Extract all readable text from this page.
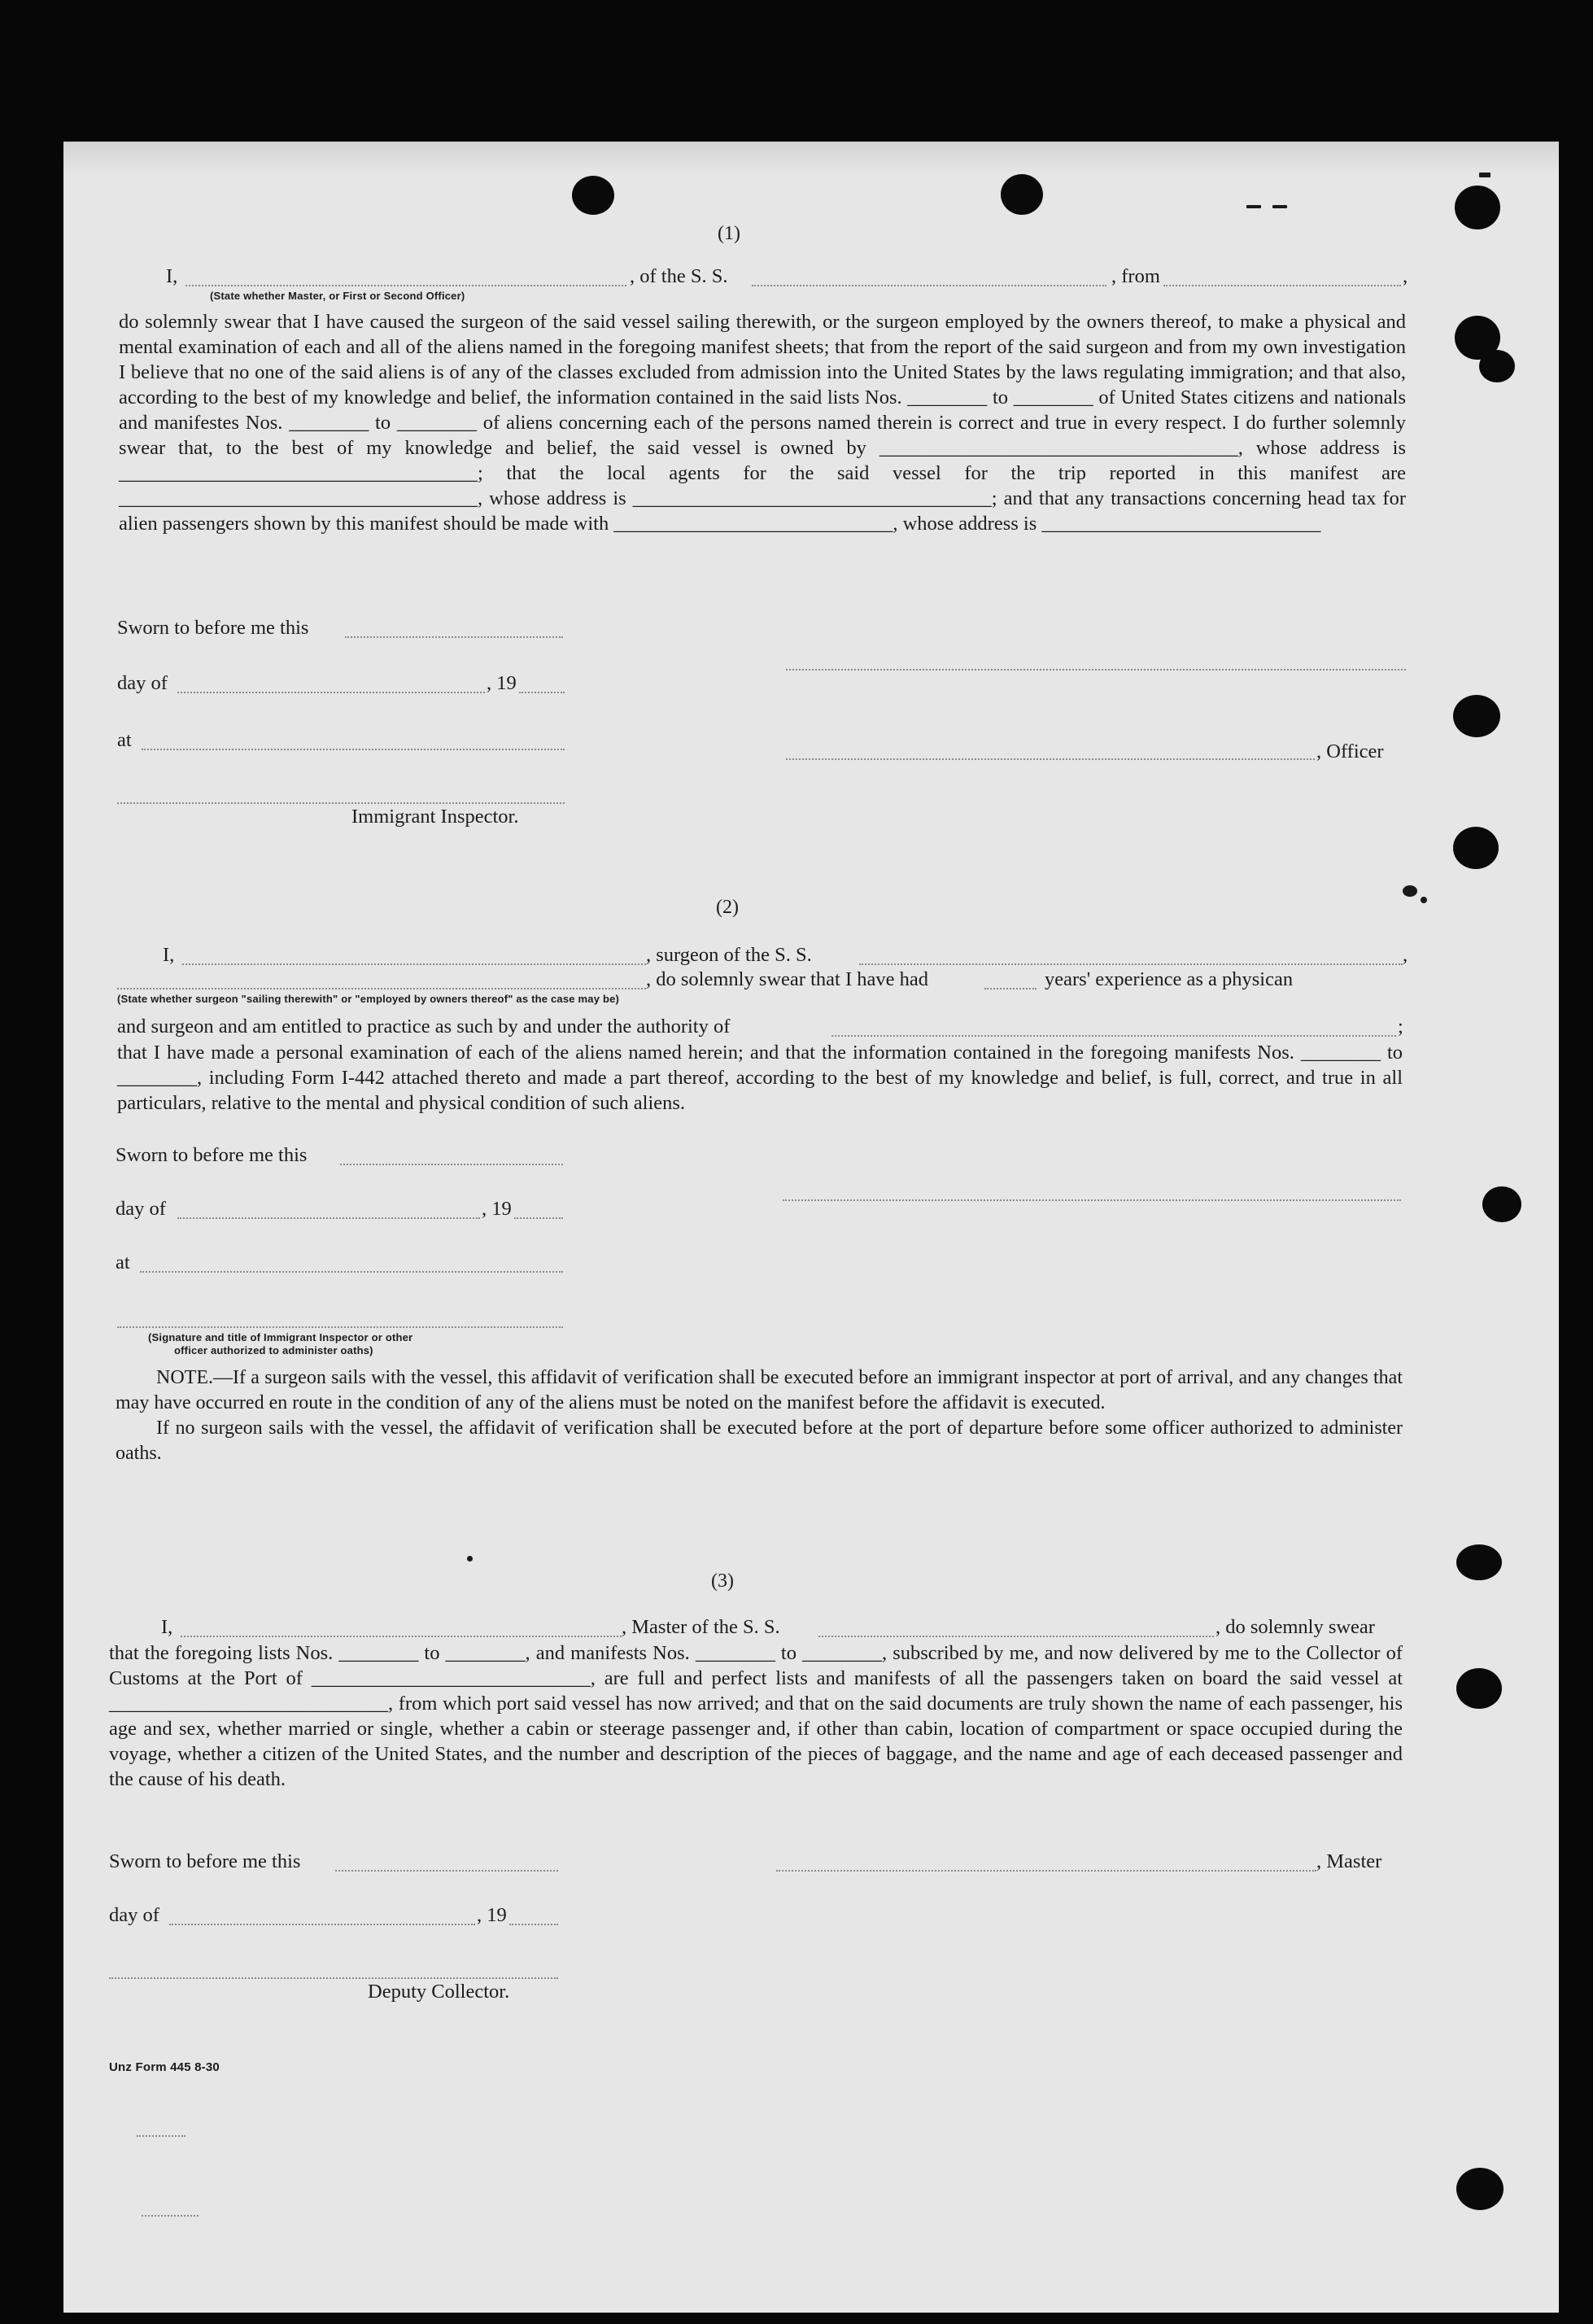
(1)
I,	, of the S. S.	, from	,
(State whether Master, or First or Second Officer)

do solemnly swear that I have caused the surgeon of the said vessel sailing therewith, or the surgeon employed by the owners thereof, to make a physical and mental examination of each and all of the aliens named in the foregoing manifest sheets; that from the report of the said surgeon and from my own investigation I believe that no one of the said aliens is of any of the classes excluded from admission into the United States by the laws regulating immigration; and that also, according to the best of my knowledge and belief, the information contained in the said lists Nos. ________ to ________ of United States citizens and nationals and manifestes Nos. ________ to ________ of aliens concerning each of the persons named therein is correct and true in every respect. I do further solemnly swear that, to the best of my knowledge and belief, the said vessel is owned by ____________________________________, whose address is ____________________________________; that the local agents for the said vessel for the trip reported in this manifest are ____________________________________, whose address is ____________________________________; and that any transactions concerning head tax for alien passengers shown by this manifest should be made with ____________________________, whose address is ____________________________

Sworn to before me this
day of	, 19
at
, Officer
Immigrant Inspector.
(2)
I,	, surgeon of the S. S.	,
, do solemnly swear that I have had	years' experience as a physican
(State whether surgeon "sailing therewith" or "employed by owners thereof" as the case may be)
and surgeon and am entitled to practice as such by and under the authority of	;

that I have made a personal examination of each of the aliens named herein; and that the information contained in the foregoing manifests Nos. ________ to ________, including Form I-442 attached thereto and made a part thereof, according to the best of my knowledge and belief, is full, correct, and true in all particulars, relative to the mental and physical condition of such aliens.

Sworn to before me this
day of	, 19
at
(Signature and title of Immigrant Inspector or other
officer authorized to administer oaths)

NOTE.—If a surgeon sails with the vessel, this affidavit of verification shall be executed before an immigrant inspector at port of arrival, and any changes that may have occurred en route in the condition of any of the aliens must be noted on the manifest before the affidavit is executed.

If no surgeon sails with the vessel, the affidavit of verification shall be executed before at the port of departure before some officer authorized to administer oaths.

(3)
I,	, Master of the S. S.	, do solemnly swear

that the foregoing lists Nos. ________ to ________, and manifests Nos. ________ to ________, subscribed by me, and now delivered by me to the Collector of Customs at the Port of ____________________________, are full and perfect lists and manifests of all the passengers taken on board the said vessel at ____________________________, from which port said vessel has now arrived; and that on the said documents are truly shown the name of each passenger, his age and sex, whether married or single, whether a cabin or steerage passenger and, if other than cabin, location of compartment or space occupied during the voyage, whether a citizen of the United States, and the number and description of the pieces of baggage, and the name and age of each deceased passenger and the cause of his death.

Sworn to before me this	, Master
day of	, 19
Deputy Collector.
Unz Form 445 8-30
